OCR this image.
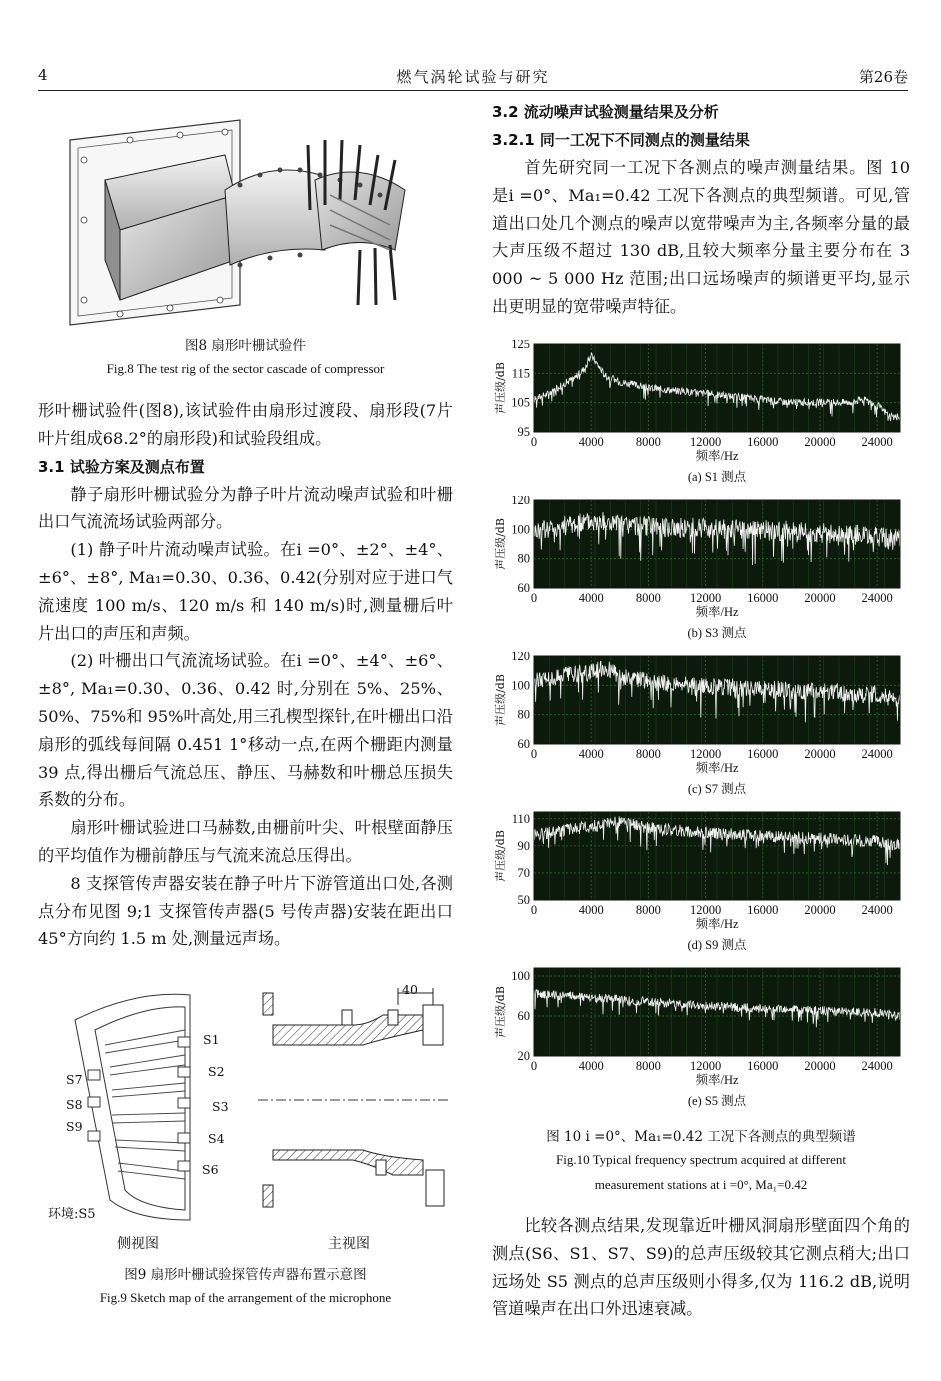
4	燃气涡轮试验与研究	第26卷
图8 扇形叶栅试验件
Fig.8 The test rig of the sector cascade of compressor

形叶栅试验件(图8),该试验件由扇形过渡段、扇形段(7片叶片组成68.2°的扇形段)和试验段组成。

3.1 试验方案及测点布置

静子扇形叶栅试验分为静子叶片流动噪声试验和叶栅出口气流流场试验两部分。

(1) 静子叶片流动噪声试验。在i =0°、±2°、±4°、±6°、±8°, Ma₁=0.30、0.36、0.42(分别对应于进口气流速度 100 m/s、120 m/s 和 140 m/s)时,测量栅后叶片出口的声压和声频。

(2) 叶栅出口气流流场试验。在i =0°、±4°、±6°、±8°, Ma₁=0.30、0.36、0.42 时,分别在 5%、25%、50%、75%和 95%叶高处,用三孔楔型探针,在叶栅出口沿扇形的弧线每间隔 0.451 1°移动一点,在两个栅距内测量 39 点,得出栅后气流总压、静压、马赫数和叶栅总压损失系数的分布。

扇形叶栅试验进口马赫数,由栅前叶尖、叶根壁面静压的平均值作为栅前静压与气流来流总压得出。

8 支探管传声器安装在静子叶片下游管道出口处,各测点分布见图 9;1 支探管传声器(5 号传声器)安装在距出口 45°方向约 1.5 m 处,测量远声场。

S1
S2
S3
S4
S6
S7
S8
S9
环境:S5
40
侧视图	主视图
图9 扇形叶栅试验探管传声器布置示意图
Fig.9 Sketch map of the arrangement of the microphone

3.2 流动噪声试验测量结果及分析

3.2.1 同一工况下不同测点的测量结果

首先研究同一工况下各测点的噪声测量结果。图 10 是i =0°、Ma₁=0.42 工况下各测点的典型频谱。可见,管道出口处几个测点的噪声以宽带噪声为主,各频率分量的最大声压级不超过 130 dB,且较大频率分量主要分布在 3 000 ~ 5 000 Hz 范围;出口远场噪声的频谱更平均,显示出更明显的宽带噪声特征。

0	4000	8000 12000 16000 20000 24000
95
105
115
125
频率/Hz
声压级/dB
(a) S1 测点
0	4000	8000 12000 16000 20000 24000
60
80
100
120
频率/Hz
声压级/dB
(b) S3 测点
0	4000	8000 12000 16000 20000 24000
60
80
100
120
频率/Hz
声压级/dB
(c) S7 测点
0	4000	8000 12000 16000 20000 24000
50
70
90
110
频率/Hz
声压级/dB
(d) S9 测点
0	4000	8000 12000 16000 20000 24000
20
60
100
频率/Hz
声压级/dB
(e) S5 测点
图 10 i =0°、Ma₁=0.42 工况下各测点的典型频谱
Fig.10 Typical frequency spectrum acquired at different
measurement stations at i =0°, Ma₁=0.42

比较各测点结果,发现靠近叶栅风洞扇形壁面四个角的测点(S6、S1、S7、S9)的总声压级较其它测点稍大;出口远场处 S5 测点的总声压级则小得多,仅为 116.2 dB,说明管道噪声在出口外迅速衰减。
